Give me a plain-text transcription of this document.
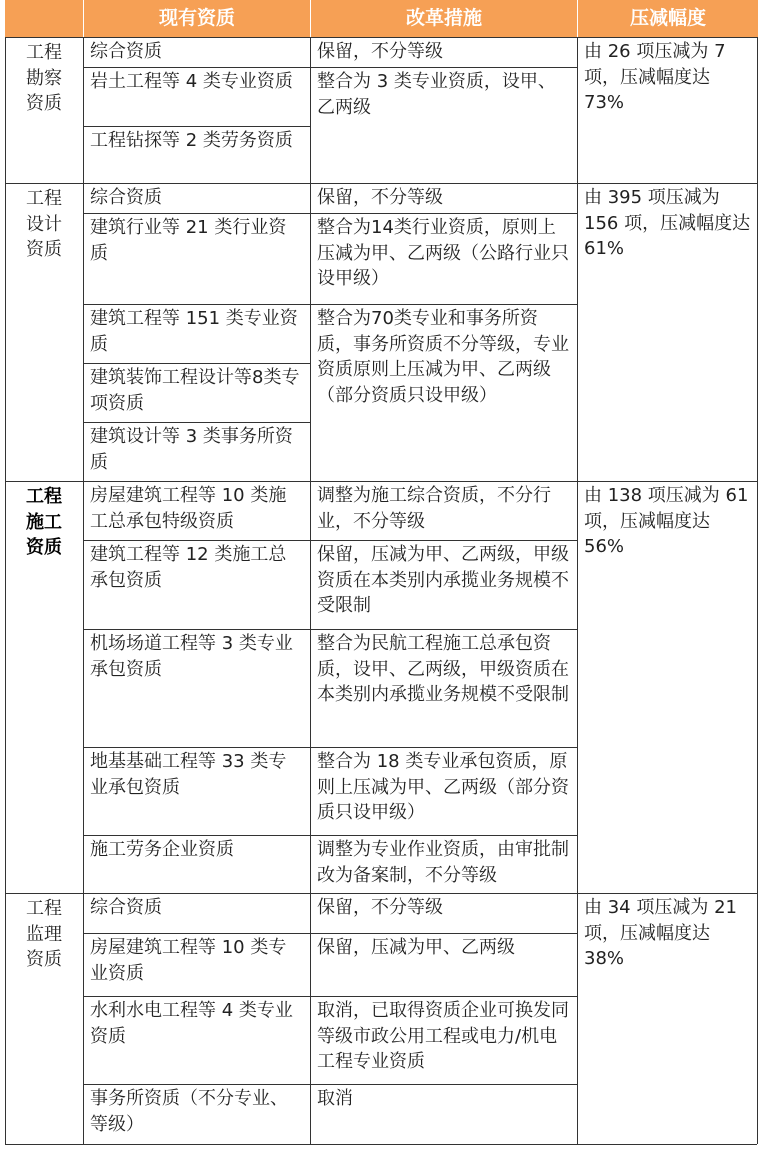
现有资质	改革措施	压减幅度
工程
勘察
资质
综合资质
岩土工程等 4 类专业资质
工程钻探等 2 类劳务资质
保留，不分等级
整合为 3 类专业资质，设甲、乙两级
由 26 项压减为 7 项，压减幅度达 73%
工程
设计
资质
综合资质
建筑行业等 21 类行业资质
建筑工程等 151 类专业资质
建筑装饰工程设计等8类专项资质
建筑设计等 3 类事务所资质
保留，不分等级
整合为14类行业资质，原则上压减为甲、乙两级（公路行业只设甲级）
整合为70类专业和事务所资质，事务所资质不分等级，专业资质原则上压减为甲、乙两级（部分资质只设甲级）
由 395 项压减为 156 项，压减幅度达 61%
工程
施工
资质
房屋建筑工程等 10 类施工总承包特级资质
建筑工程等 12 类施工总承包资质
机场场道工程等 3 类专业承包资质
地基基础工程等 33 类专业承包资质
施工劳务企业资质
调整为施工综合资质，不分行业，不分等级
保留，压减为甲、乙两级，甲级资质在本类别内承揽业务规模不受限制
整合为民航工程施工总承包资质，设甲、乙两级，甲级资质在本类别内承揽业务规模不受限制
整合为 18 类专业承包资质，原则上压减为甲、乙两级（部分资质只设甲级）
调整为专业作业资质，由审批制改为备案制，不分等级
由 138 项压减为 61 项，压减幅度达 56%
工程
监理
资质
综合资质
房屋建筑工程等 10 类专业资质
水利水电工程等 4 类专业资质
事务所资质（不分专业、等级）
保留，不分等级
保留，压减为甲、乙两级
取消，已取得资质企业可换发同等级市政公用工程或电力/机电工程专业资质
取消
由 34 项压减为 21 项，压减幅度达 38%
